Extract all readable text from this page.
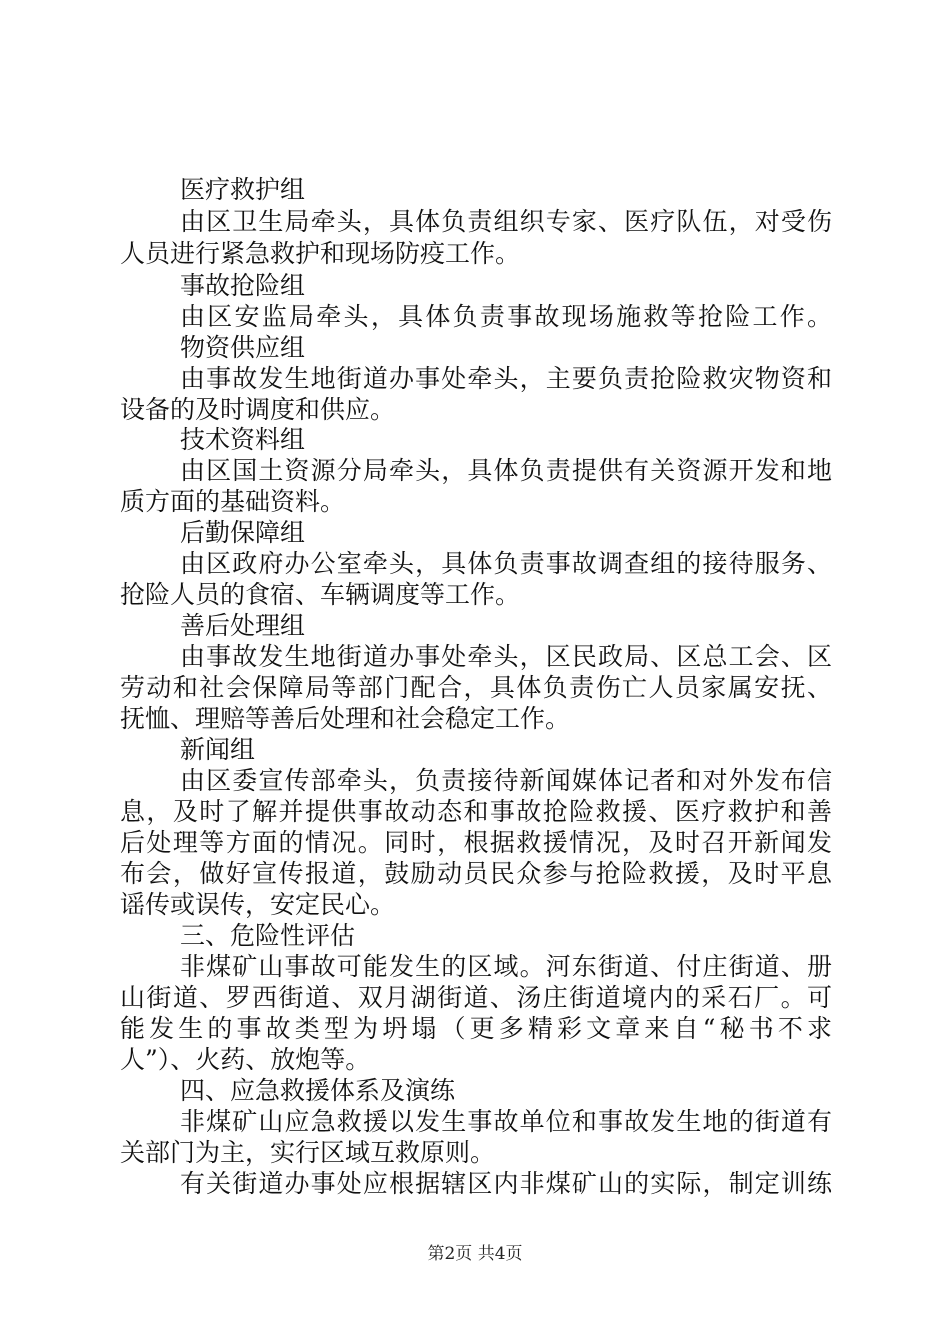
医疗救护组
由区卫生局牵头，具体负责组织专家、医疗队伍，对受伤
人员进行紧急救护和现场防疫工作。
事故抢险组
由区安监局牵头，具体负责事故现场施救等抢险工作。
物资供应组
由事故发生地街道办事处牵头，主要负责抢险救灾物资和
设备的及时调度和供应。
技术资料组
由区国土资源分局牵头，具体负责提供有关资源开发和地
质方面的基础资料。
后勤保障组
由区政府办公室牵头，具体负责事故调查组的接待服务、
抢险人员的食宿、车辆调度等工作。
善后处理组
由事故发生地街道办事处牵头，区民政局、区总工会、区
劳动和社会保障局等部门配合，具体负责伤亡人员家属安抚、
抚恤、理赔等善后处理和社会稳定工作。
新闻组
由区委宣传部牵头，负责接待新闻媒体记者和对外发布信
息，及时了解并提供事故动态和事故抢险救援、医疗救护和善
后处理等方面的情况。同时，根据救援情况，及时召开新闻发
布会，做好宣传报道，鼓励动员民众参与抢险救援，及时平息
谣传或误传，安定民心。
三、危险性评估
非煤矿山事故可能发生的区域。河东街道、付庄街道、册
山街道、罗西街道、双月湖街道、汤庄街道境内的采石厂。可
能发生的事故类型为坍塌（更多精彩文章来自“秘书不求
人”）、火药、放炮等。
四、应急救援体系及演练
非煤矿山应急救援以发生事故单位和事故发生地的街道有
关部门为主，实行区域互救原则。
有关街道办事处应根据辖区内非煤矿山的实际，制定训练
第2页 共4页
